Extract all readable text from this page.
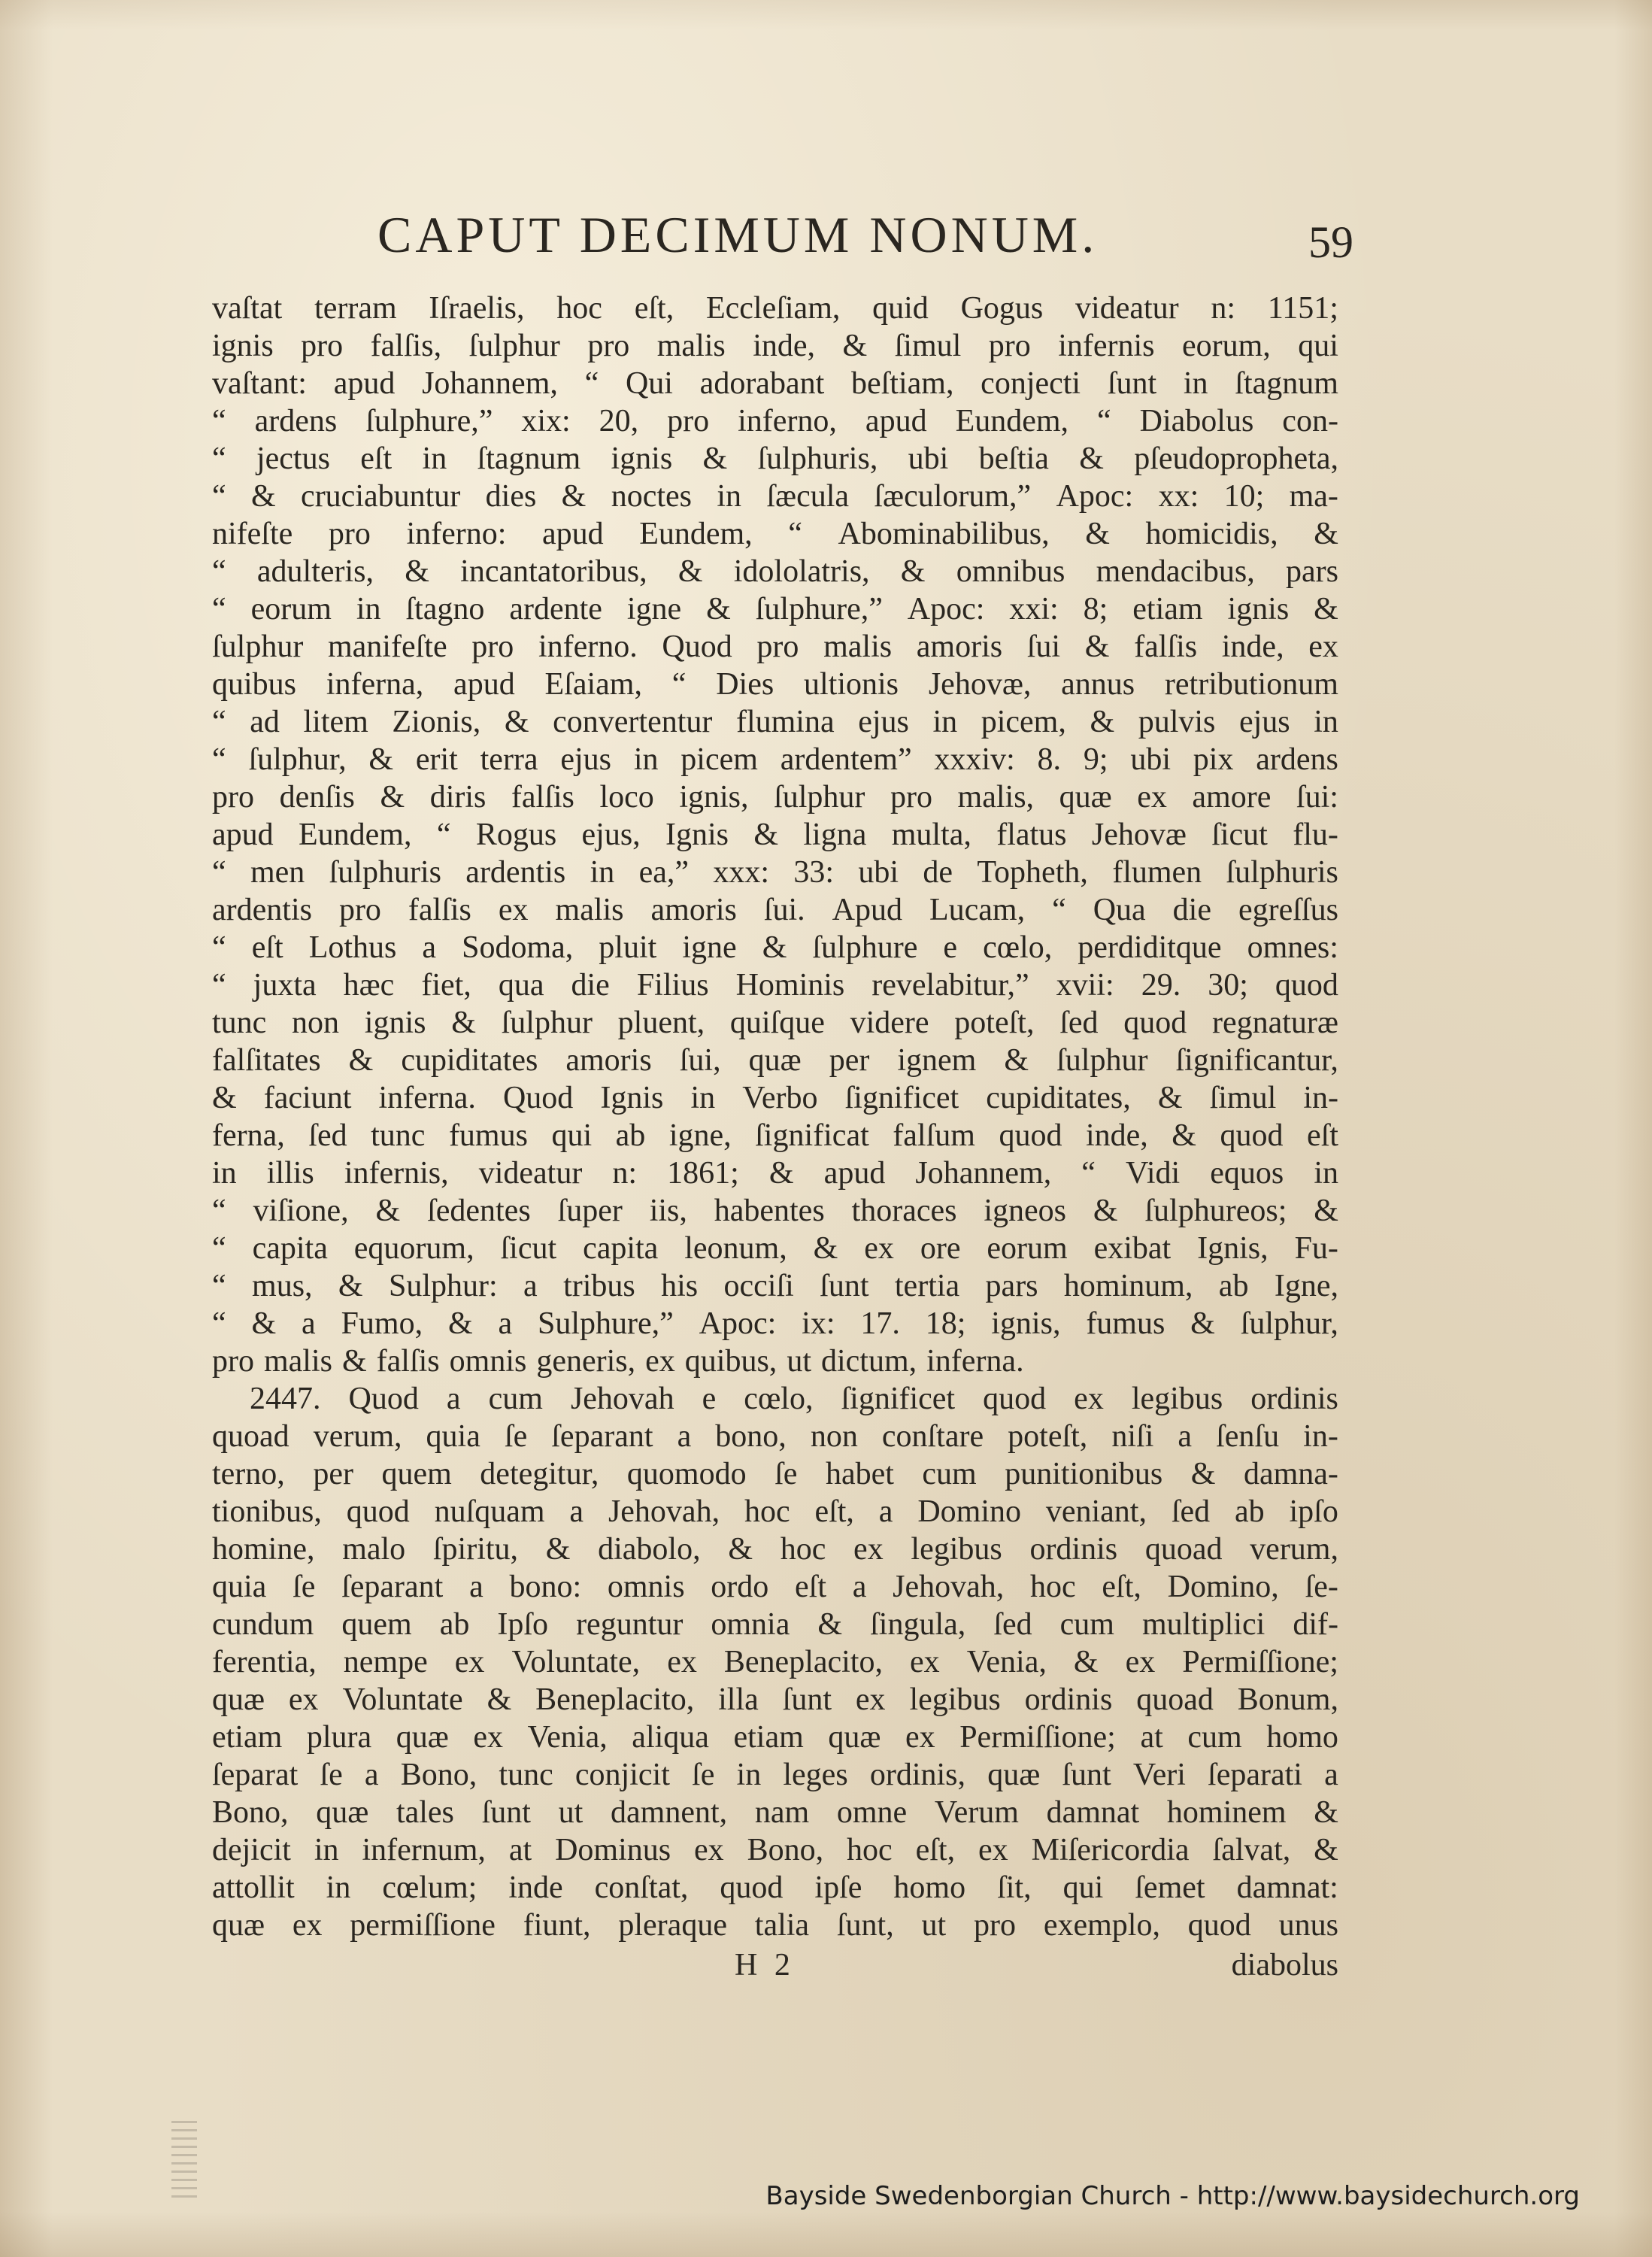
CAPUT DECIMUM NONUM.	59
vaſtat terram Iſraelis, hoc eſt, Eccleſiam, quid Gogus videatur n: 1151;
ignis pro falſis, ſulphur pro malis inde, & ſimul pro infernis eorum, qui
vaſtant: apud Johannem, “ Qui adorabant beſtiam, conjecti ſunt in ſtagnum
“ ardens ſulphure,” xix: 20, pro inferno, apud Eundem, “ Diabolus con-
“ jectus eſt in ſtagnum ignis & ſulphuris, ubi beſtia & pſeudopropheta,
“ & cruciabuntur dies & noctes in ſæcula ſæculorum,” Apoc: xx: 10; ma-
nifeſte pro inferno: apud Eundem, “ Abominabilibus, & homicidis, &
“ adulteris, & incantatoribus, & idololatris, & omnibus mendacibus, pars
“ eorum in ſtagno ardente igne & ſulphure,” Apoc: xxi: 8; etiam ignis &
ſulphur manifeſte pro inferno. Quod pro malis amoris ſui & falſis inde, ex
quibus inferna, apud Eſaiam, “ Dies ultionis Jehovæ, annus retributionum
“ ad litem Zionis, & convertentur flumina ejus in picem, & pulvis ejus in
“ ſulphur, & erit terra ejus in picem ardentem” xxxiv: 8. 9; ubi pix ardens
pro denſis & diris falſis loco ignis, ſulphur pro malis, quæ ex amore ſui:
apud Eundem, “ Rogus ejus, Ignis & ligna multa, flatus Jehovæ ſicut flu-
“ men ſulphuris ardentis in ea,” xxx: 33: ubi de Topheth, flumen ſulphuris
ardentis pro falſis ex malis amoris ſui. Apud Lucam, “ Qua die egreſſus
“ eſt Lothus a Sodoma, pluit igne & ſulphure e cœlo, perdiditque omnes:
“ juxta hæc fiet, qua die Filius Hominis revelabitur,” xvii: 29. 30; quod
tunc non ignis & ſulphur pluent, quiſque videre poteſt, ſed quod regnaturæ
falſitates & cupiditates amoris ſui, quæ per ignem & ſulphur ſignificantur,
& faciunt inferna. Quod Ignis in Verbo ſignificet cupiditates, & ſimul in-
ferna, ſed tunc fumus qui ab igne, ſignificat falſum quod inde, & quod eſt
in illis infernis, videatur n: 1861; & apud Johannem, “ Vidi equos in
“ viſione, & ſedentes ſuper iis, habentes thoraces igneos & ſulphureos; &
“ capita equorum, ſicut capita leonum, & ex ore eorum exibat Ignis, Fu-
“ mus, & Sulphur: a tribus his occiſi ſunt tertia pars hominum, ab Igne,
“ & a Fumo, & a Sulphure,” Apoc: ix: 17. 18; ignis, fumus & ſulphur,
pro malis & falſis omnis generis, ex quibus, ut dictum, inferna.
2447. Quod a cum Jehovah e cœlo, ſignificet quod ex legibus ordinis
quoad verum, quia ſe ſeparant a bono, non conſtare poteſt, niſi a ſenſu in-
terno, per quem detegitur, quomodo ſe habet cum punitionibus & damna-
tionibus, quod nuſquam a Jehovah, hoc eſt, a Domino veniant, ſed ab ipſo
homine, malo ſpiritu, & diabolo, & hoc ex legibus ordinis quoad verum,
quia ſe ſeparant a bono: omnis ordo eſt a Jehovah, hoc eſt, Domino, ſe-
cundum quem ab Ipſo reguntur omnia & ſingula, ſed cum multiplici dif-
ferentia, nempe ex Voluntate, ex Beneplacito, ex Venia, & ex Permiſſione;
quæ ex Voluntate & Beneplacito, illa ſunt ex legibus ordinis quoad Bonum,
etiam plura quæ ex Venia, aliqua etiam quæ ex Permiſſione; at cum homo
ſeparat ſe a Bono, tunc conjicit ſe in leges ordinis, quæ ſunt Veri ſeparati a
Bono, quæ tales ſunt ut damnent, nam omne Verum damnat hominem &
dejicit in infernum, at Dominus ex Bono, hoc eſt, ex Miſericordia ſalvat, &
attollit in cœlum; inde conſtat, quod ipſe homo ſit, qui ſemet damnat:
quæ ex permiſſione fiunt, pleraque talia ſunt, ut pro exemplo, quod unus
H 2	diabolus
Bayside Swedenborgian Church - http://www.baysidechurch.org
